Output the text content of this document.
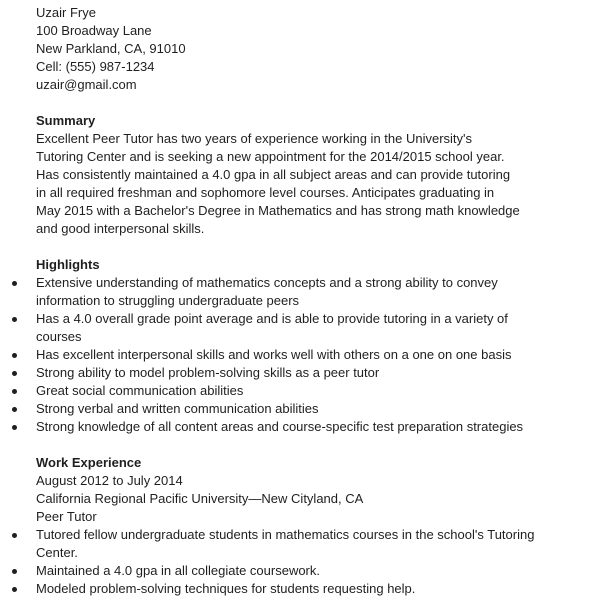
Uzair Frye
100 Broadway Lane
New Parkland, CA, 91010
Cell: (555) 987-1234
uzair@gmail.com
Summary
Excellent Peer Tutor has two years of experience working in the University's
Tutoring Center and is seeking a new appointment for the 2014/2015 school year.
Has consistently maintained a 4.0 gpa in all subject areas and can provide tutoring
in all required freshman and sophomore level courses. Anticipates graduating in
May 2015 with a Bachelor's Degree in Mathematics and has strong math knowledge
and good interpersonal skills.
Highlights
Extensive understanding of mathematics concepts and a strong ability to convey information to struggling undergraduate peers
Has a 4.0 overall grade point average and is able to provide tutoring in a variety of courses
Has excellent interpersonal skills and works well with others on a one on one basis
Strong ability to model problem-solving skills as a peer tutor
Great social communication abilities
Strong verbal and written communication abilities
Strong knowledge of all content areas and course-specific test preparation strategies
Work Experience
August 2012 to July 2014
California Regional Pacific University—New Cityland, CA
Peer Tutor
Tutored fellow undergraduate students in mathematics courses in the school's Tutoring Center.
Maintained a 4.0 gpa in all collegiate coursework.
Modeled problem-solving techniques for students requesting help.
